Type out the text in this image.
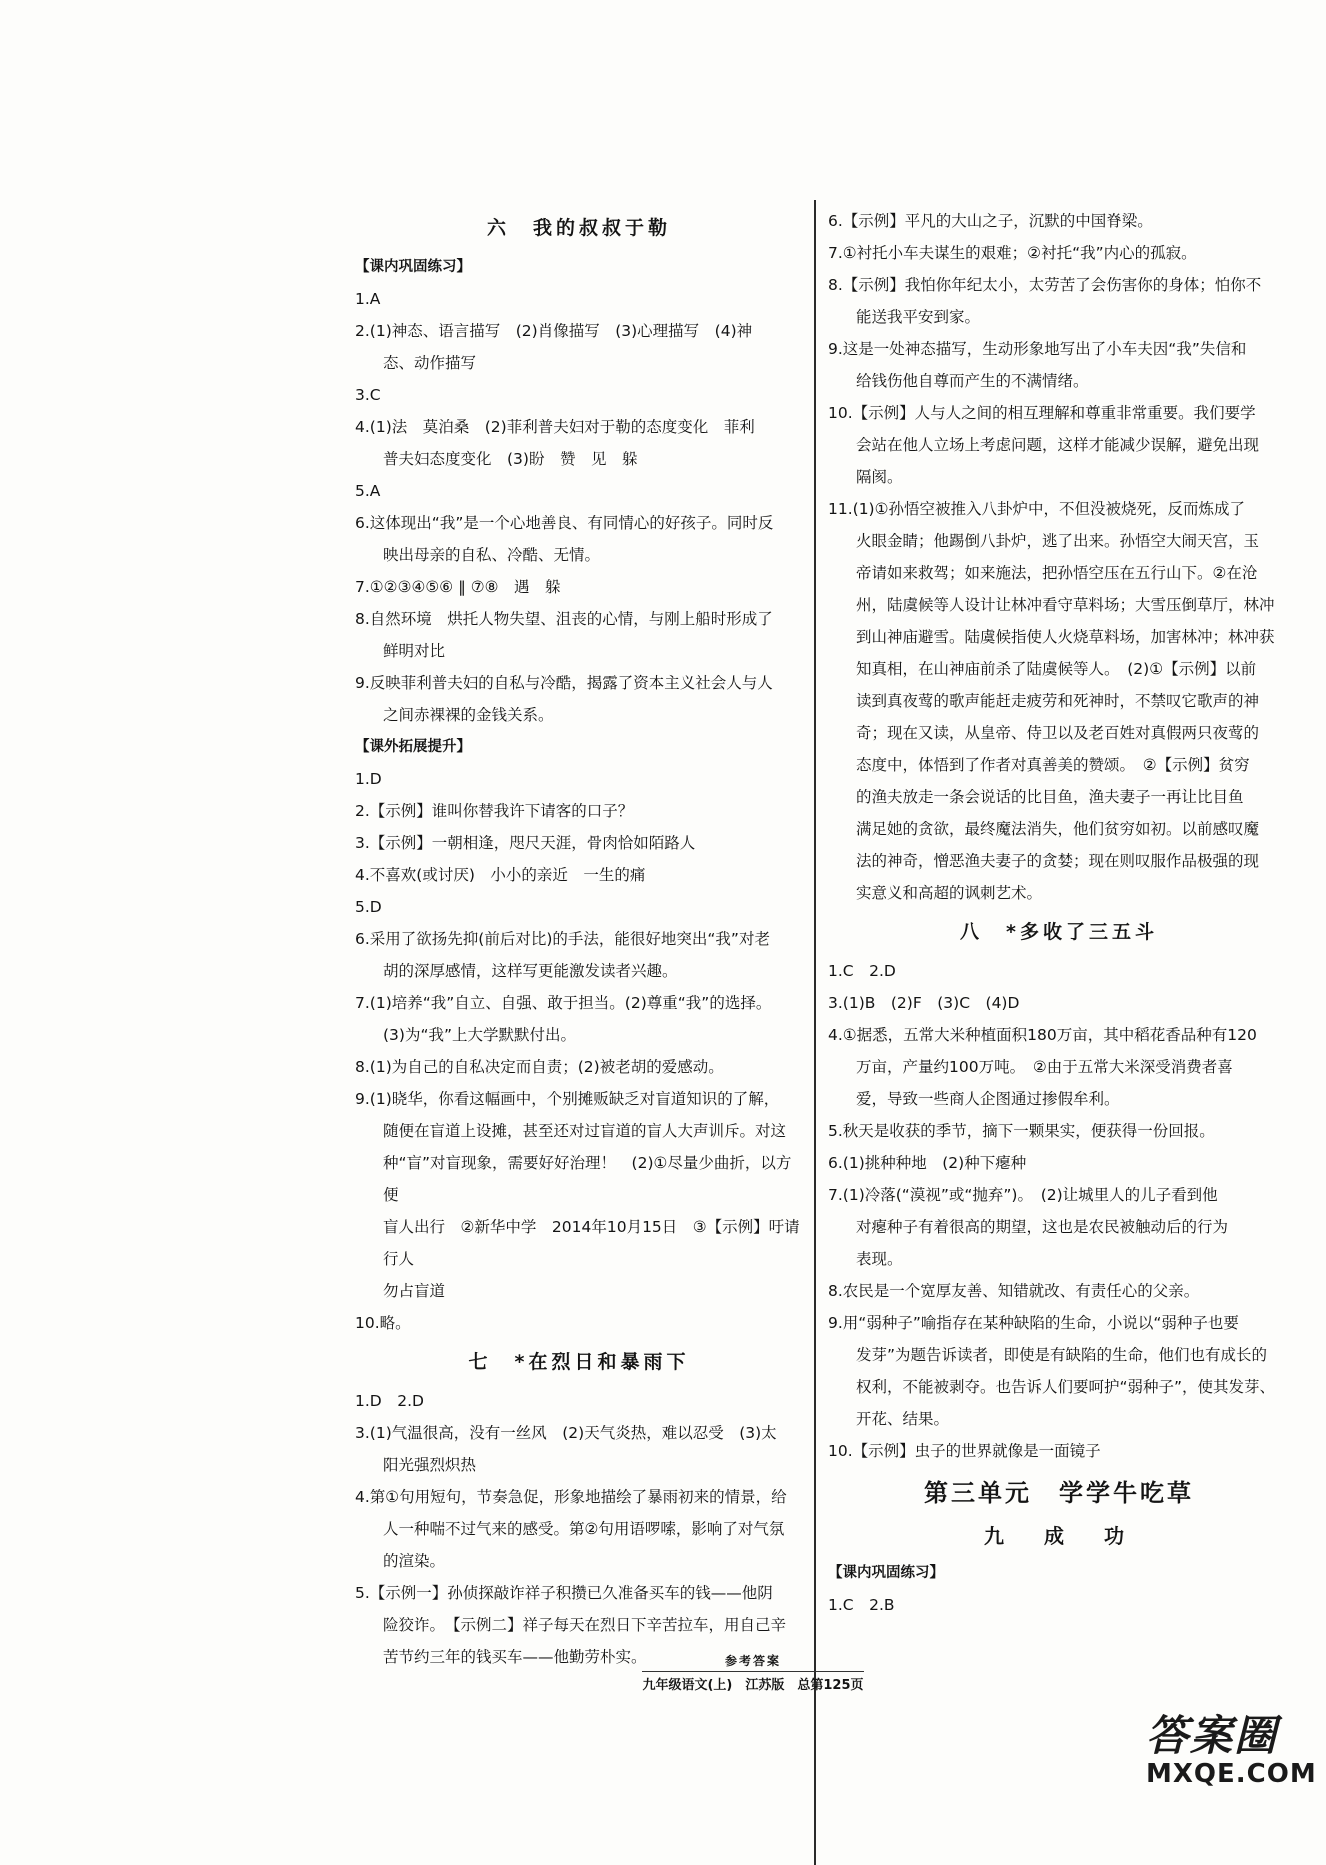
六　我的叔叔于勒

【课内巩固练习】

1.A

2.(1)神态、语言描写　(2)肖像描写　(3)心理描写　(4)神

态、动作描写

3.C

4.(1)法　莫泊桑　(2)菲利普夫妇对于勒的态度变化　菲利

普夫妇态度变化　(3)盼　赞　见　躲

5.A

6.这体现出“我”是一个心地善良、有同情心的好孩子。同时反

映出母亲的自私、冷酷、无情。

7.①②③④⑤⑥ ‖ ⑦⑧　遇　躲

8.自然环境　烘托人物失望、沮丧的心情，与刚上船时形成了

鲜明对比

9.反映菲利普夫妇的自私与冷酷，揭露了资本主义社会人与人

之间赤裸裸的金钱关系。

【课外拓展提升】

1.D

2.【示例】谁叫你替我许下请客的口子？

3.【示例】一朝相逢，咫尺天涯，骨肉恰如陌路人

4.不喜欢(或讨厌)　小小的亲近　一生的痛

5.D

6.采用了欲扬先抑(前后对比)的手法，能很好地突出“我”对老

胡的深厚感情，这样写更能激发读者兴趣。

7.(1)培养“我”自立、自强、敢于担当。(2)尊重“我”的选择。

(3)为“我”上大学默默付出。

8.(1)为自己的自私决定而自责；(2)被老胡的爱感动。

9.(1)晓华，你看这幅画中，个别摊贩缺乏对盲道知识的了解，

随便在盲道上设摊，甚至还对过盲道的盲人大声训斥。对这

种“盲”对盲现象，需要好好治理！　(2)①尽量少曲折，以方便

盲人出行　②新华中学　2014年10月15日　③【示例】吁请行人

勿占盲道

10.略。

七　*在烈日和暴雨下

1.D　2.D

3.(1)气温很高，没有一丝风　(2)天气炎热，难以忍受　(3)太

阳光强烈炽热

4.第①句用短句，节奏急促，形象地描绘了暴雨初来的情景，给

人一种喘不过气来的感受。第②句用语啰嗦，影响了对气氛

的渲染。

5.【示例一】孙侦探敲诈祥子积攒已久准备买车的钱——他阴

险狡诈。　【示例二】祥子每天在烈日下辛苦拉车，用自己辛

苦节约三年的钱买车——他勤劳朴实。

6.【示例】平凡的大山之子，沉默的中国脊梁。

7.①衬托小车夫谋生的艰难；②衬托“我”内心的孤寂。

8.【示例】我怕你年纪太小，太劳苦了会伤害你的身体；怕你不

能送我平安到家。

9.这是一处神态描写，生动形象地写出了小车夫因“我”失信和

给钱伤他自尊而产生的不满情绪。

10.【示例】人与人之间的相互理解和尊重非常重要。我们要学

会站在他人立场上考虑问题，这样才能减少误解，避免出现

隔阂。

11.(1)①孙悟空被推入八卦炉中，不但没被烧死，反而炼成了

火眼金睛；他踢倒八卦炉，逃了出来。孙悟空大闹天宫，玉

帝请如来救驾；如来施法，把孙悟空压在五行山下。②在沧

州，陆虞候等人设计让林冲看守草料场；大雪压倒草厅，林冲

到山神庙避雪。陆虞候指使人火烧草料场，加害林冲；林冲获

知真相，在山神庙前杀了陆虞候等人。　(2)①【示例】以前

读到真夜莺的歌声能赶走疲劳和死神时，不禁叹它歌声的神

奇；现在又读，从皇帝、侍卫以及老百姓对真假两只夜莺的

态度中，体悟到了作者对真善美的赞颂。　②【示例】贫穷

的渔夫放走一条会说话的比目鱼，渔夫妻子一再让比目鱼

满足她的贪欲，最终魔法消失，他们贫穷如初。以前感叹魔

法的神奇，憎恶渔夫妻子的贪婪；现在则叹服作品极强的现

实意义和高超的讽刺艺术。

八　*多收了三五斗

1.C　2.D

3.(1)B　(2)F　(3)C　(4)D

4.①据悉，五常大米种植面积180万亩，其中稻花香品种有120

万亩，产量约100万吨。　②由于五常大米深受消费者喜

爱，导致一些商人企图通过掺假牟利。

5.秋天是收获的季节，摘下一颗果实，便获得一份回报。

6.(1)挑种种地　(2)种下瘪种

7.(1)冷落(“漠视”或“抛弃”)。　(2)让城里人的儿子看到他

对瘪种子有着很高的期望，这也是农民被触动后的行为

表现。

8.农民是一个宽厚友善、知错就改、有责任心的父亲。

9.用“弱种子”喻指存在某种缺陷的生命，小说以“弱种子也要

发芽”为题告诉读者，即使是有缺陷的生命，他们也有成长的

权利，不能被剥夺。也告诉人们要呵护“弱种子”，使其发芽、

开花、结果。

10.【示例】虫子的世界就像是一面镜子

第三单元　学学牛吃草
九　成　功

【课内巩固练习】

1.C　2.B

参考答案
九年级语文(上)　江苏版　总第125页
答案圈
MXQE.COM
